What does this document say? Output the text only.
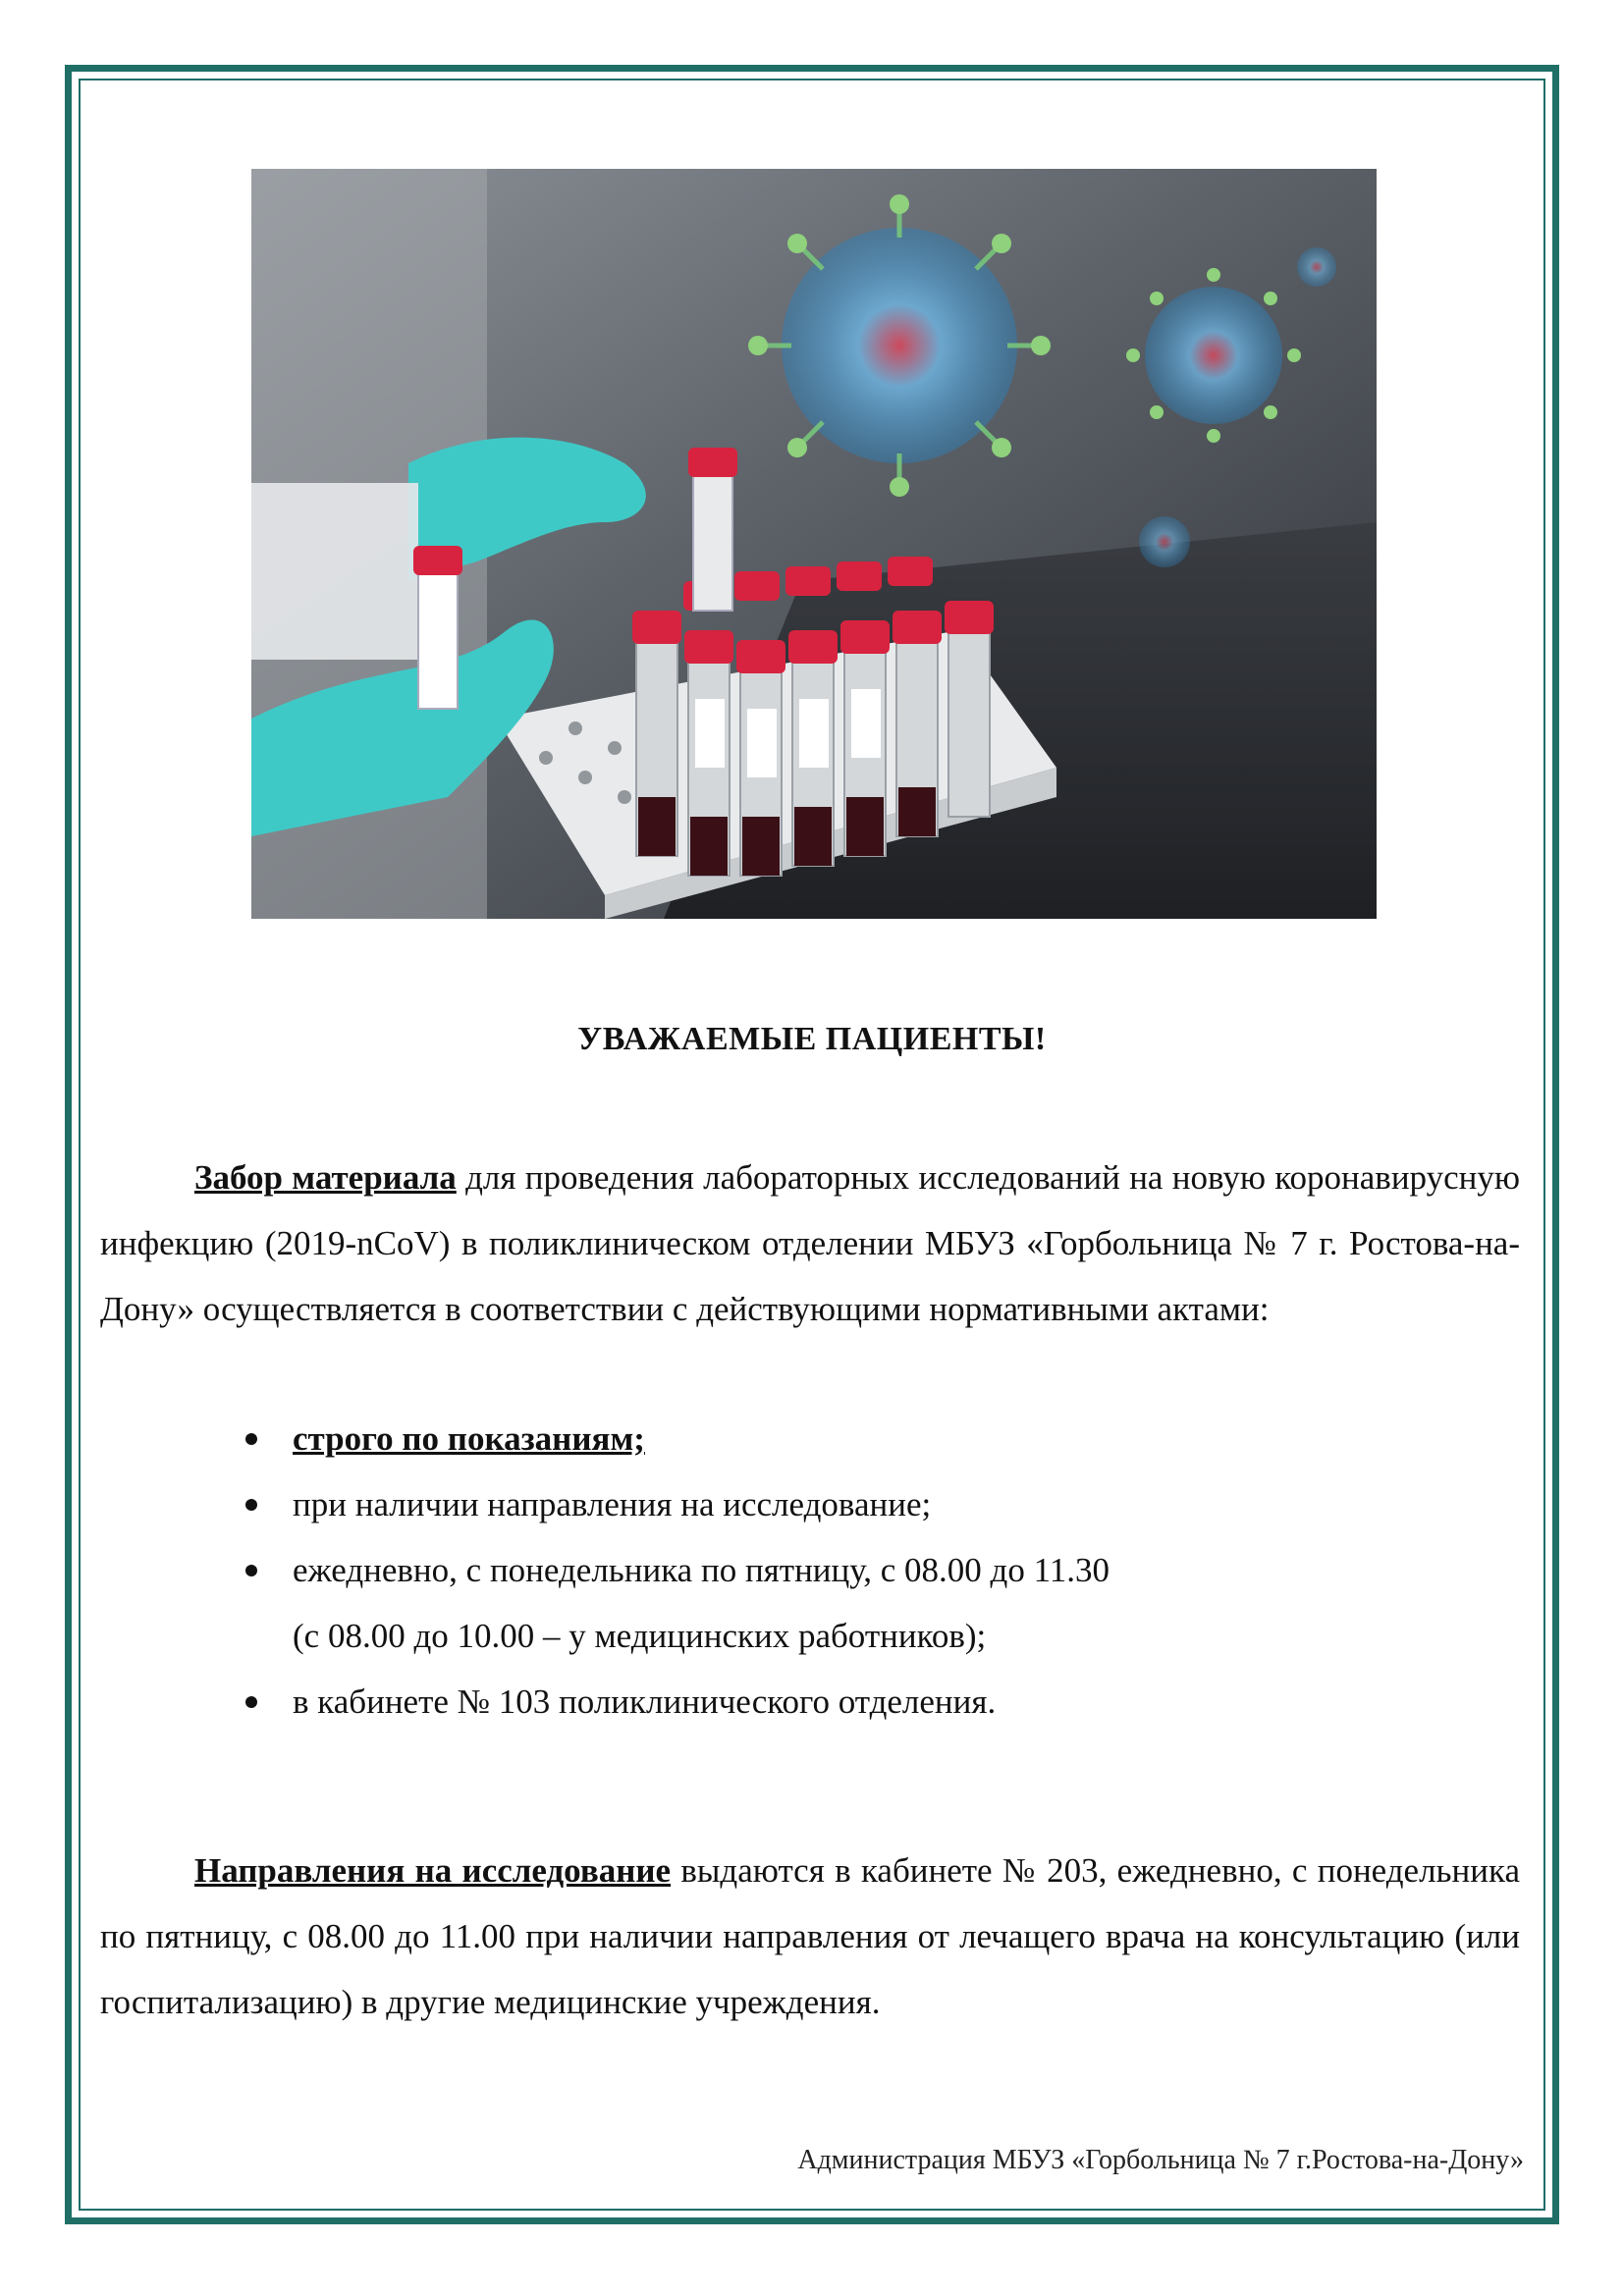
УВАЖАЕМЫЕ ПАЦИЕНТЫ!

Забор материала для проведения лабораторных исследований на новую коронавирусную инфекцию (2019-nCoV) в поликлиническом отделении МБУЗ «Горбольница № 7 г. Ростова-на-Дону» осуществляется в соответствии с действующими нормативными актами:

строго по показаниям;
при наличии направления на исследование;
ежедневно, с понедельника по пятницу, с 08.00 до 11.30
(с 08.00 до 10.00 – у медицинских работников);
в кабинете № 103 поликлинического отделения.

Направления на исследование выдаются в кабинете № 203, ежедневно, с понедельника по пятницу, с 08.00 до 11.00 при наличии направления от лечащего врача на консультацию (или госпитализацию) в другие медицинские учреждения.

Администрация МБУЗ «Горбольница № 7 г.Ростова-на-Дону»
